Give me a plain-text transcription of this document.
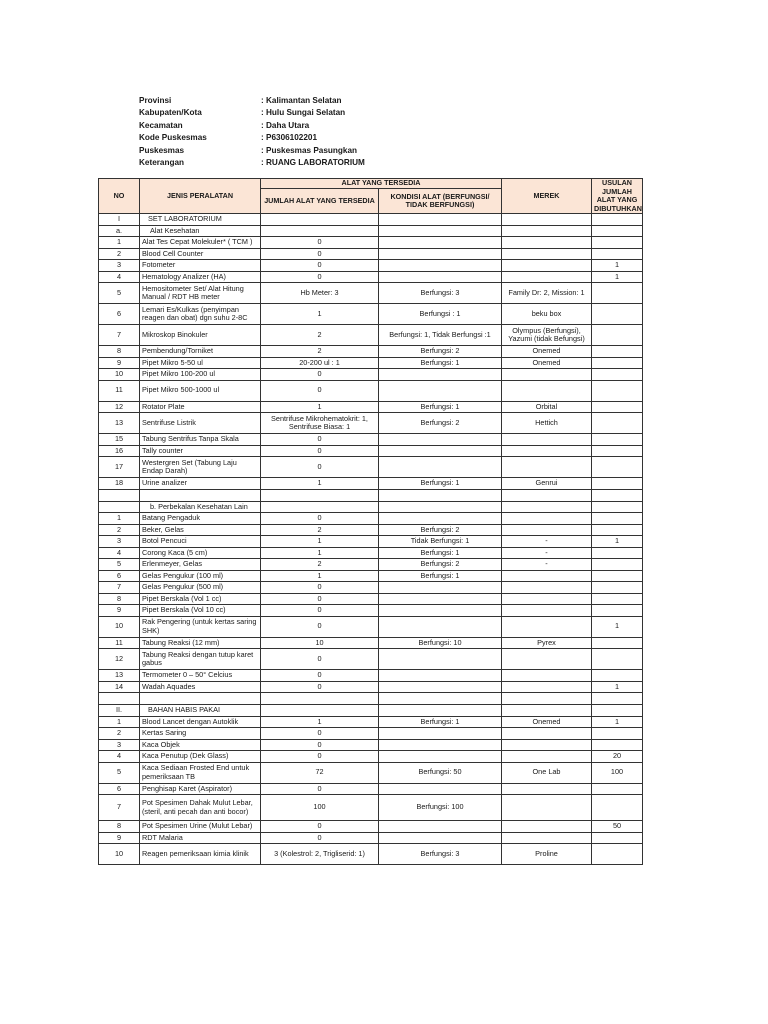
Provinsi	: Kalimantan Selatan
Kabupaten/Kota	: Hulu Sungai Selatan
Kecamatan	: Daha Utara
Kode Puskesmas	: P6306102201
Puskesmas	: Puskesmas Pasungkan
Keterangan	: RUANG LABORATORIUM
NO	JENIS PERALATAN	ALAT YANG TERSEDIA		MEREK	USULAN JUMLAH ALAT YANG DIBUTUHKAN
		JUMLAH ALAT YANG TERSEDIA	KONDISI ALAT (BERFUNGSI/ TIDAK BERFUNGSI)		
I	SET LABORATORIUM				
a.	Alat Kesehatan				
1	Alat Tes Cepat Molekuler* ( TCM )	0			
2	Blood Cell Counter	0			
3	Fotometer	0			1
4	Hematology Analizer (HA)	0			1
5	Hemositometer Set/ Alat Hitung Manual / RDT HB meter	Hb Meter: 3	Berfungsi: 3	Family Dr: 2, Mission: 1	
6	Lemari Es/Kulkas (penyimpan reagen dan obat) dgn suhu 2-8C	1	Berfungsi : 1	beku box	
7	Mikroskop Binokuler	2	Berfungsi: 1, Tidak Berfungsi :1	Olympus (Berfungsi), Yazumi (tidak Befungsi)	
8	Pembendung/Torniket	2	Berfungsi: 2	Onemed	
9	Pipet Mikro 5-50 ul	20-200 ul : 1	Berfungsi: 1	Onemed	
10	Pipet Mikro 100-200 ul	0			
11	Pipet Mikro 500-1000 ul	0			
12	Rotator Plate	1	Berfungsi: 1	Orbital	
13	Sentrifuse Listrik	Sentrifuse Mikrohematokrit: 1, Sentrifuse Biasa: 1	Berfungsi: 2	Hettich	
15	Tabung Sentrifus Tanpa Skala	0			
16	Tally counter	0			
17	Westergren Set (Tabung Laju Endap Darah)	0			
18	Urine analizer	1	Berfungsi: 1	Genrui	

	b. Perbekalan Kesehatan Lain				
1	Batang Pengaduk	0			
2	Beker, Gelas	2	Berfungsi: 2		
3	Botol Pencuci	1	Tidak Berfungsi: 1	-	1
4	Corong Kaca (5 cm)	1	Berfungsi: 1	-	
5	Erlenmeyer, Gelas	2	Berfungsi: 2	-	
6	Gelas Pengukur (100 ml)	1	Berfungsi: 1		
7	Gelas Pengukur (500 ml)	0			
8	Pipet Berskala (Vol 1 cc)	0			
9	Pipet Berskala (Vol 10 cc)	0			
10	Rak Pengering (untuk kertas saring SHK)	0			1
11	Tabung Reaksi (12 mm)	10	Berfungsi: 10	Pyrex	
12	Tabung Reaksi dengan tutup karet gabus	0			
13	Termometer 0 – 50° Celcius	0			
14	Wadah Aquades	0			1

II.	BAHAN HABIS PAKAI				
1	Blood Lancet dengan Autoklik	1	Berfungsi: 1	Onemed	1
2	Kertas Saring	0			
3	Kaca Objek	0			
4	Kaca Penutup (Dek Glass)	0			20
5	Kaca Sediaan Frosted End untuk pemeriksaan TB	72	Berfungsi: 50	One Lab	100
6	Penghisap Karet (Aspirator)	0			
7	Pot Spesimen Dahak Mulut Lebar, (steril, anti pecah dan anti bocor)	100	Berfungsi: 100		
8	Pot Spesimen Urine (Mulut Lebar)	0			50
9	RDT Malaria	0			
10	Reagen pemeriksaan kimia klinik	3 (Kolestrol: 2, Trigliserid: 1)	Berfungsi: 3	Proline	
